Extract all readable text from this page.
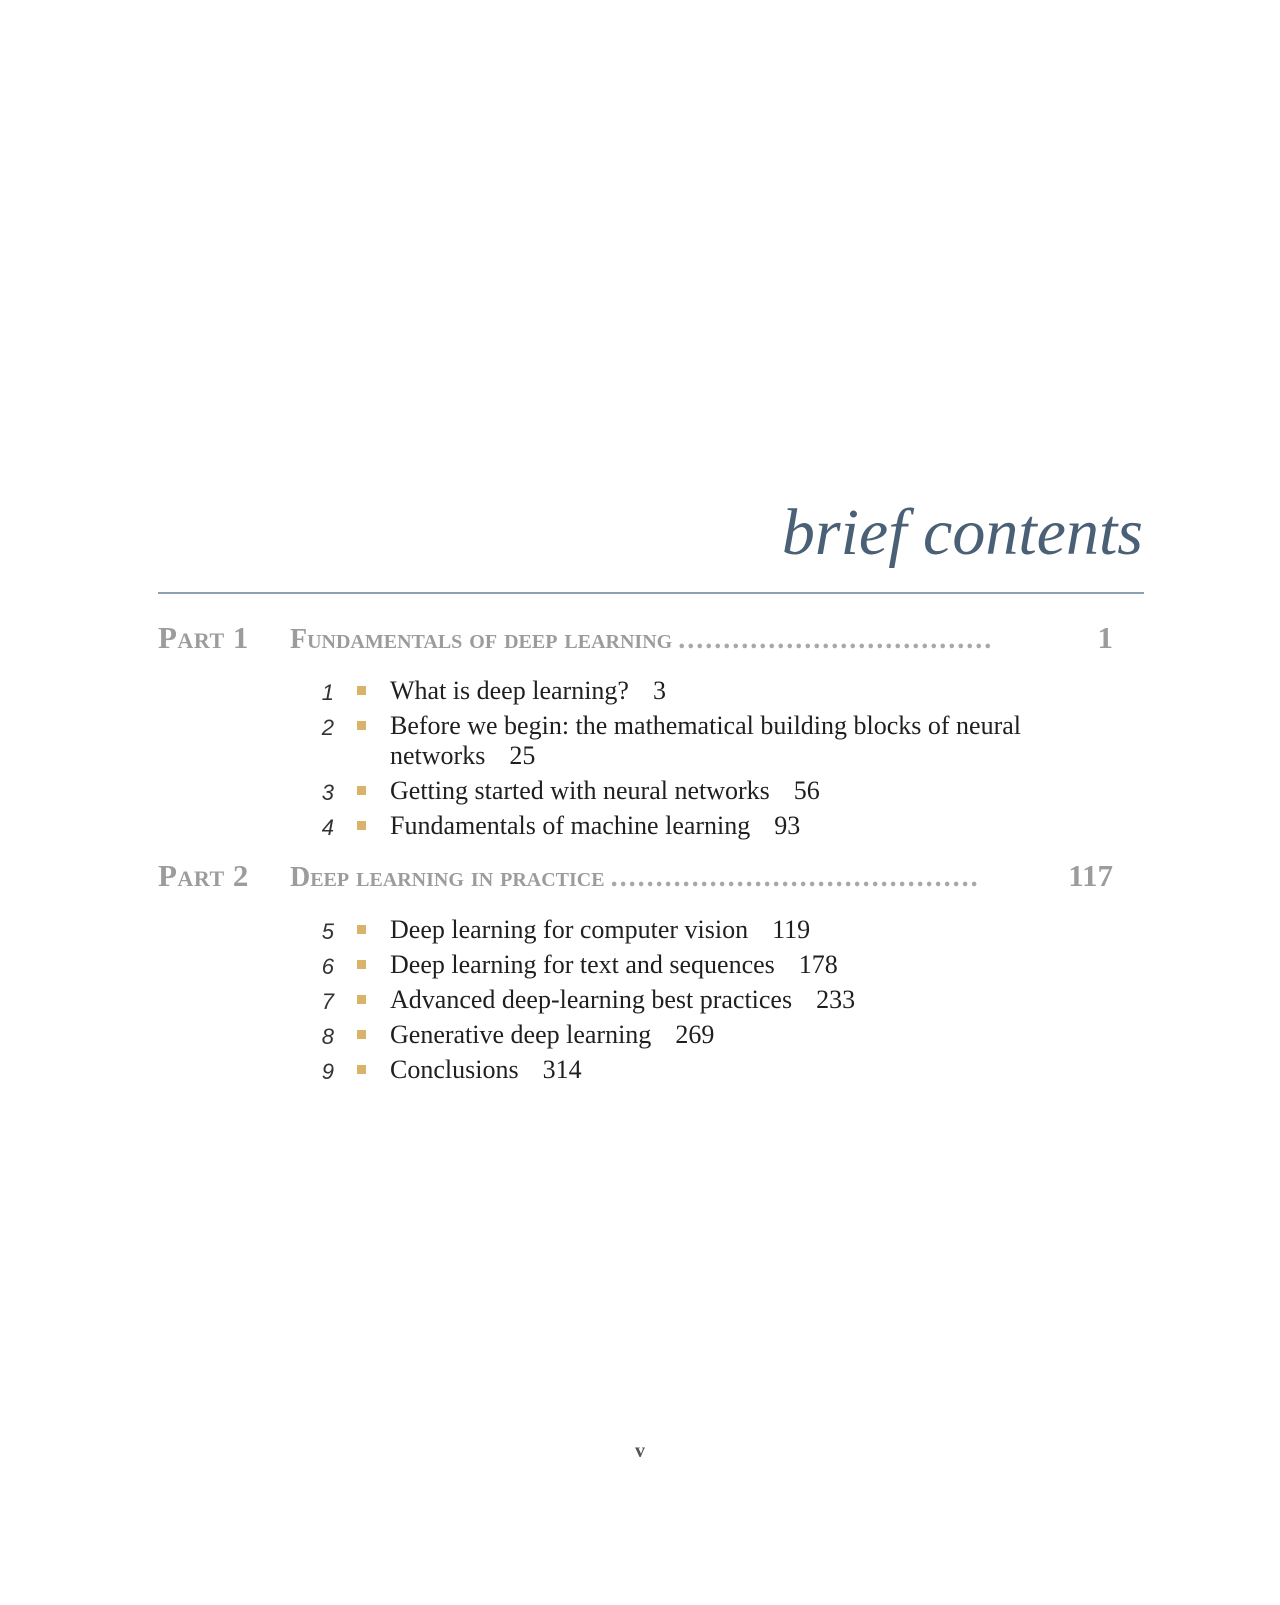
brief contents
Part 1 Fundamentals of deep learning ...................................	1
1 What is deep learning? 3
2 Before we begin: the mathematical building blocks of neural networks 25
3 Getting started with neural networks 56
4 Fundamentals of machine learning 93
Part 2 Deep learning in practice .........................................	117
5 Deep learning for computer vision 119
6 Deep learning for text and sequences 178
7 Advanced deep-learning best practices 233
8 Generative deep learning 269
9 Conclusions 314
v
